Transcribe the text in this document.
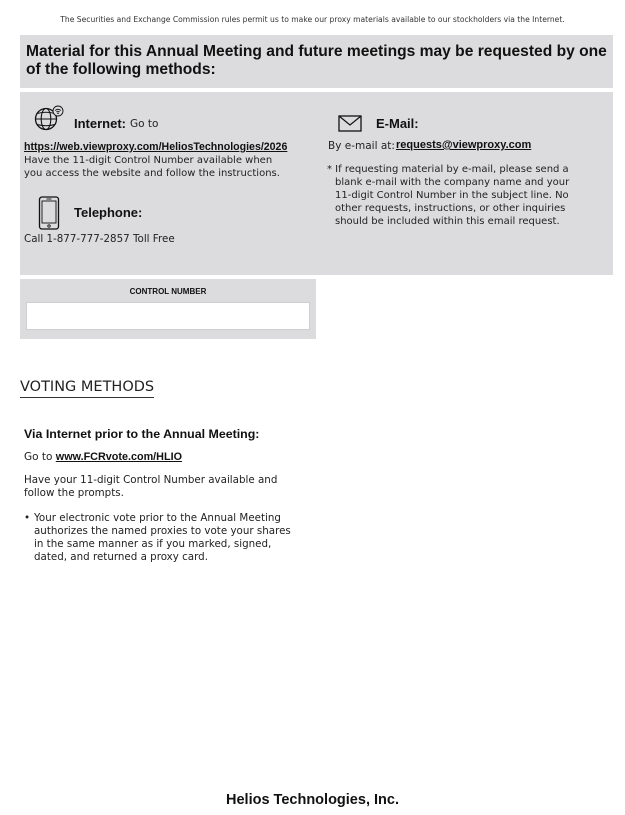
The Securities and Exchange Commission rules permit us to make our proxy materials available to our stockholders via the Internet.
Material for this Annual Meeting and future meetings may be requested by one of the following methods:
Internet: Go to
https://web.viewproxy.com/HeliosTechnologies/2026
Have the 11-digit Control Number available when
you access the website and follow the instructions.
Telephone:
Call 1-877-777-2857 Toll Free
E-Mail:
By e-mail at: requests@viewproxy.com
* If requesting material by e-mail, please send a
blank e-mail with the company name and your
11-digit Control Number in the subject line. No
other requests, instructions, or other inquiries
should be included within this email request.
CONTROL NUMBER
VOTING METHODS
Via Internet prior to the Annual Meeting:
Go to www.FCRvote.com/HLIO
Have your 11-digit Control Number available and
follow the prompts.
• Your electronic vote prior to the Annual Meeting
authorizes the named proxies to vote your shares
in the same manner as if you marked, signed,
dated, and returned a proxy card.
Helios Technologies, Inc.
